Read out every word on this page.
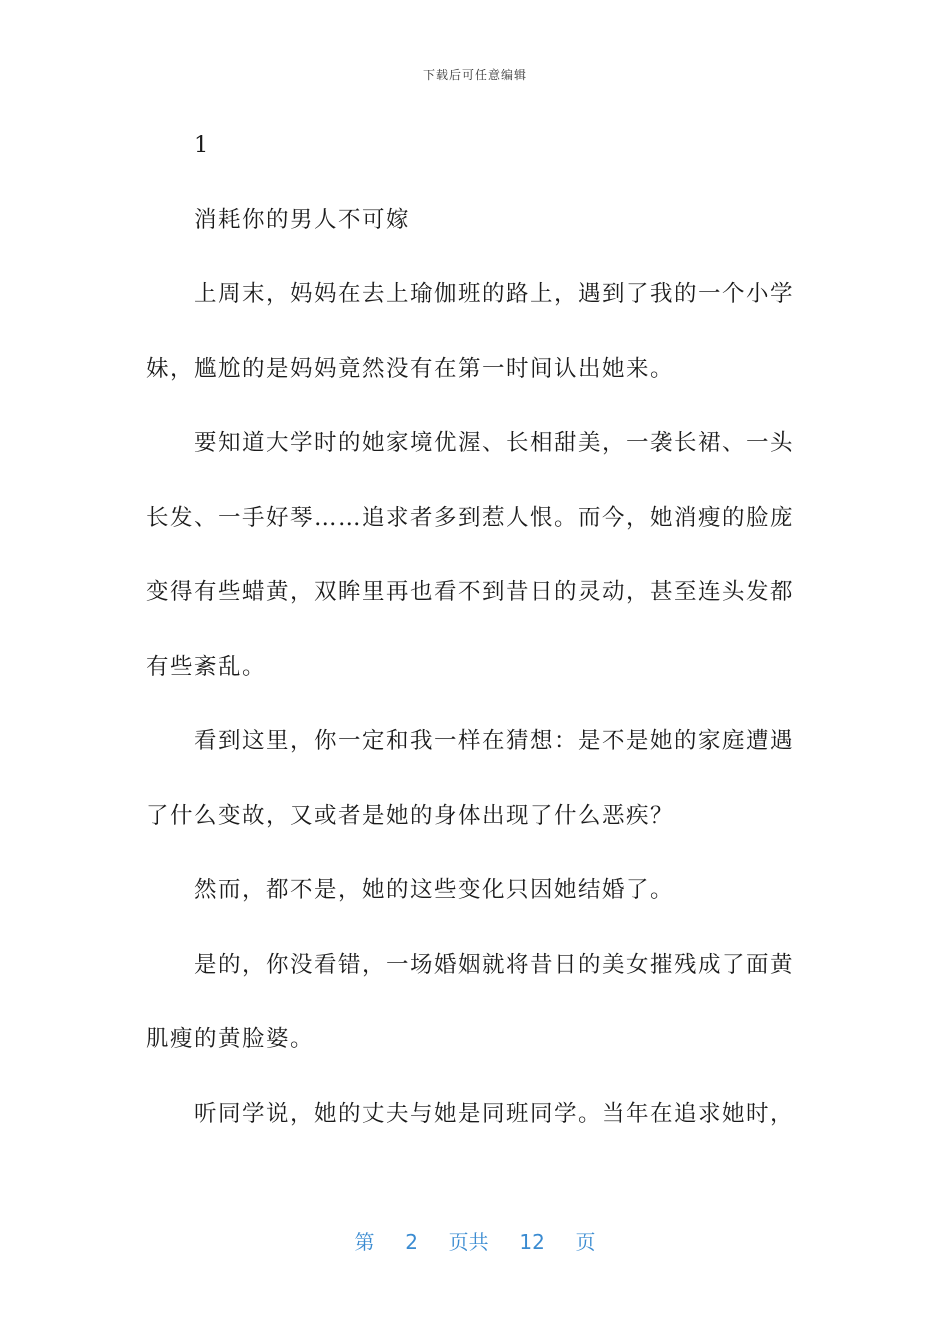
下载后可任意编辑
1
消耗你的男人不可嫁
上周末，妈妈在去上瑜伽班的路上，遇到了我的一个小学
妹，尴尬的是妈妈竟然没有在第一时间认出她来。
要知道大学时的她家境优渥、长相甜美，一袭长裙、一头
长发、一手好琴……追求者多到惹人恨。而今，她消瘦的脸庞
变得有些蜡黄，双眸里再也看不到昔日的灵动，甚至连头发都
有些紊乱。
看到这里，你一定和我一样在猜想：是不是她的家庭遭遇
了什么变故，又或者是她的身体出现了什么恶疾？
然而，都不是，她的这些变化只因她结婚了。
是的，你没看错，一场婚姻就将昔日的美女摧残成了面黄
肌瘦的黄脸婆。
听同学说，她的丈夫与她是同班同学。当年在追求她时，
第 2 页共 12 页
